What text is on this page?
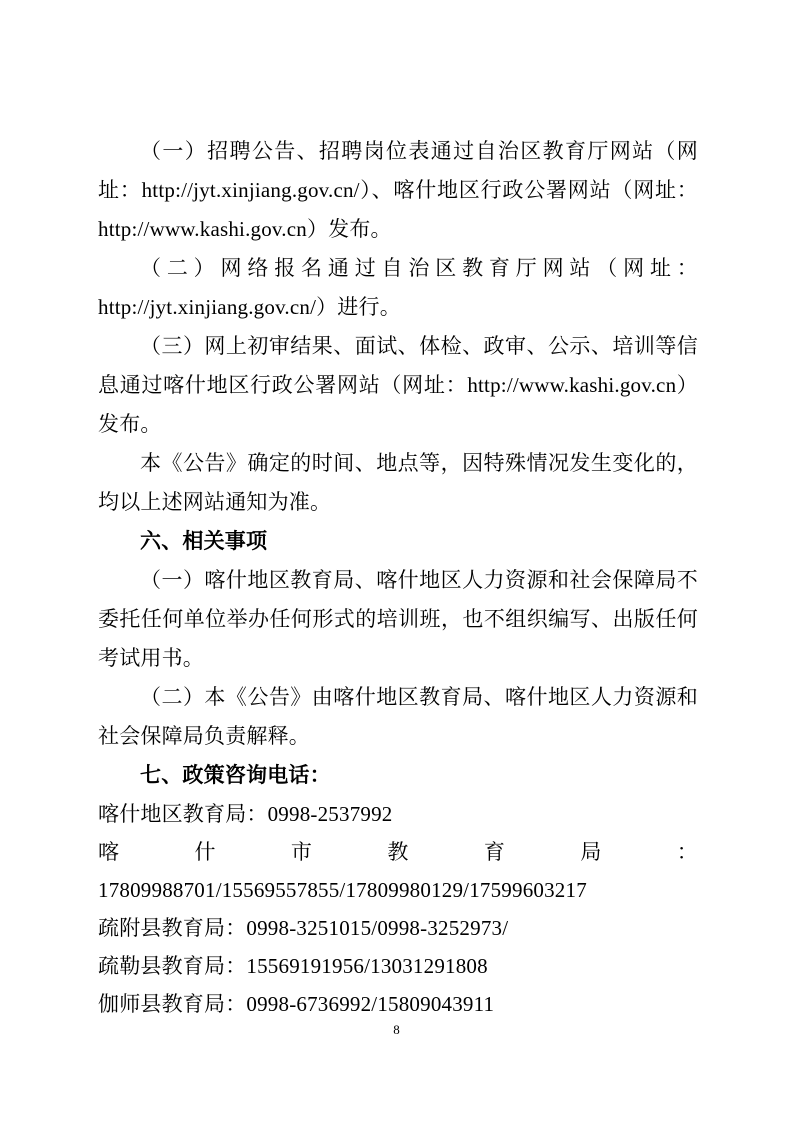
（一）招聘公告、招聘岗位表通过自治区教育厅网站（网址：http://jyt.xinjiang.gov.cn/）、喀什地区行政公署网站（网址：http://www.kashi.gov.cn）发布。

（二）网络报名通过自治区教育厅网站（网址：http://jyt.xinjiang.gov.cn/）进行。

（三）网上初审结果、面试、体检、政审、公示、培训等信息通过喀什地区行政公署网站（网址：http://www.kashi.gov.cn）发布。

本《公告》确定的时间、地点等，因特殊情况发生变化的，均以上述网站通知为准。

六、相关事项

（一）喀什地区教育局、喀什地区人力资源和社会保障局不委托任何单位举办任何形式的培训班，也不组织编写、出版任何考试用书。

（二）本《公告》由喀什地区教育局、喀什地区人力资源和社会保障局负责解释。

七、政策咨询电话：

喀什地区教育局：0998-2537992

喀什市教育局：17809988701/15569557855/17809980129/17599603217

疏附县教育局：0998-3251015/0998-3252973/

疏勒县教育局：15569191956/13031291808

伽师县教育局：0998-6736992/15809043911

8
